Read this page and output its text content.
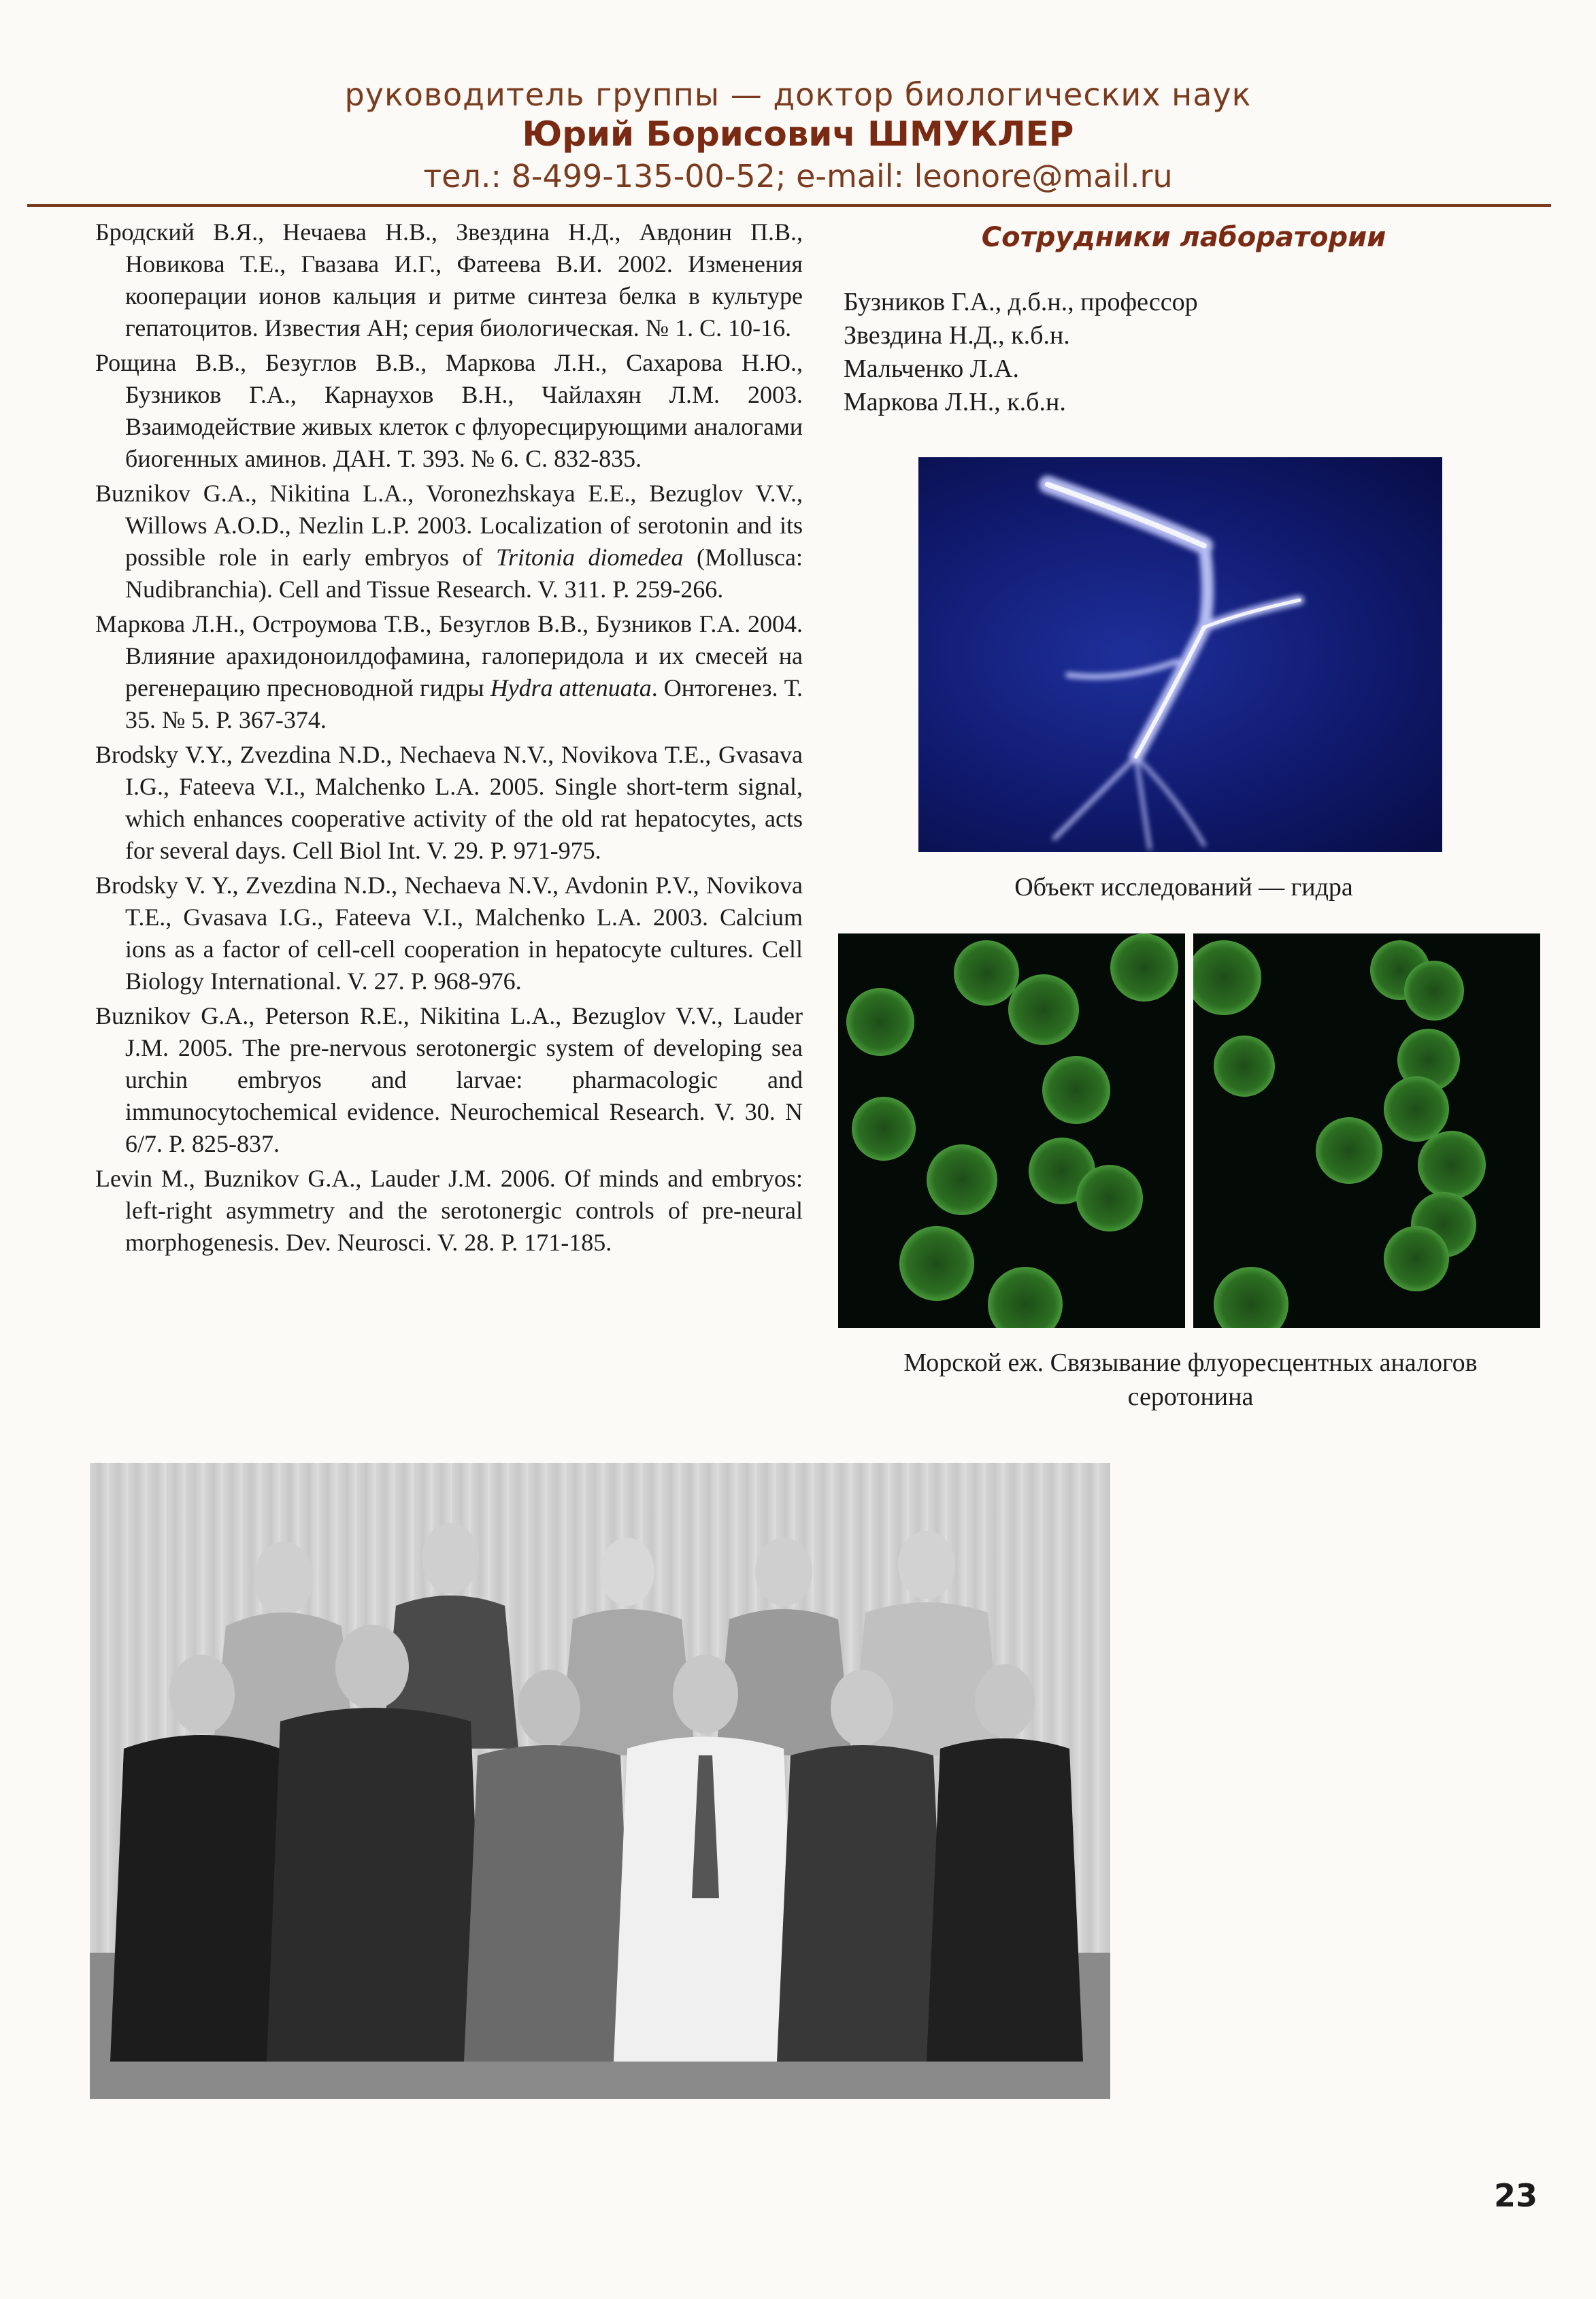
руководитель группы — доктор биологических наук
Юрий Борисович ШМУКЛЕР
тел.: 8-499-135-00-52; e-mail: leonore@mail.ru

Бродский В.Я., Нечаева Н.В., Звездина Н.Д., Авдонин П.В., Новикова Т.Е., Гвазава И.Г., Фатеева В.И. 2002. Изменения кооперации ионов кальция и ритме синтеза белка в культуре гепатоцитов. Известия АН; серия биологическая. № 1. С. 10-16.

Рощина В.В., Безуглов В.В., Маркова Л.Н., Сахарова Н.Ю., Бузников Г.А., Карнаухов В.Н., Чайлахян Л.М. 2003. Взаимодействие живых клеток с флуоресцирующими аналогами биогенных аминов. ДАН. Т. 393. № 6. С. 832-835.

Buznikov G.A., Nikitina L.A., Voronezhskaya E.E., Bezuglov V.V., Willows A.O.D., Nezlin L.P. 2003. Localization of serotonin and its possible role in early embryos of Tritonia diomedea (Mollusca: Nudibranchia). Cell and Tissue Research. V. 311. P. 259-266.

Маркова Л.Н., Остроумова Т.В., Безуглов В.В., Бузников Г.А. 2004. Влияние арахидоноилдофамина, галоперидола и их смесей на регенерацию пресноводной гидры Hydra attenuata. Онтогенез. Т. 35. № 5. Р. 367-374.

Brodsky V.Y., Zvezdina N.D., Nechaeva N.V., Novikova T.E., Gvasava I.G., Fateeva V.I., Malchenko L.A. 2005. Single short-term signal, which enhances cooperative activity of the old rat hepatocytes, acts for several days. Cell Biol Int. V. 29. P. 971-975.

Brodsky V. Y., Zvezdina N.D., Nechaeva N.V., Avdonin P.V., Novikova T.E., Gvasava I.G., Fateeva V.I., Malchenko L.A. 2003. Calcium ions as a factor of cell-cell cooperation in hepatocyte cultures. Cell Biology International. V. 27. P. 968-976.

Buznikov G.A., Peterson R.E., Nikitina L.A., Bezuglov V.V., Lauder J.M. 2005. The pre-nervous serotonergic system of developing sea urchin embryos and larvae: pharmacologic and immunocytochemical evidence. Neurochemical Research. V. 30. N 6/7. P. 825-837.

Levin M., Buznikov G.A., Lauder J.M. 2006. Of minds and embryos: left-right asymmetry and the serotonergic controls of pre-neural morphogenesis. Dev. Neurosci. V. 28. P. 171-185.

Сотрудники лаборатории
Бузников Г.А., д.б.н., профессор
Звездина Н.Д., к.б.н.
Мальченко Л.А.
Маркова Л.Н., к.б.н.
Объект исследований — гидра
Морской еж. Связывание флуоресцентных аналогов серотонина
23
